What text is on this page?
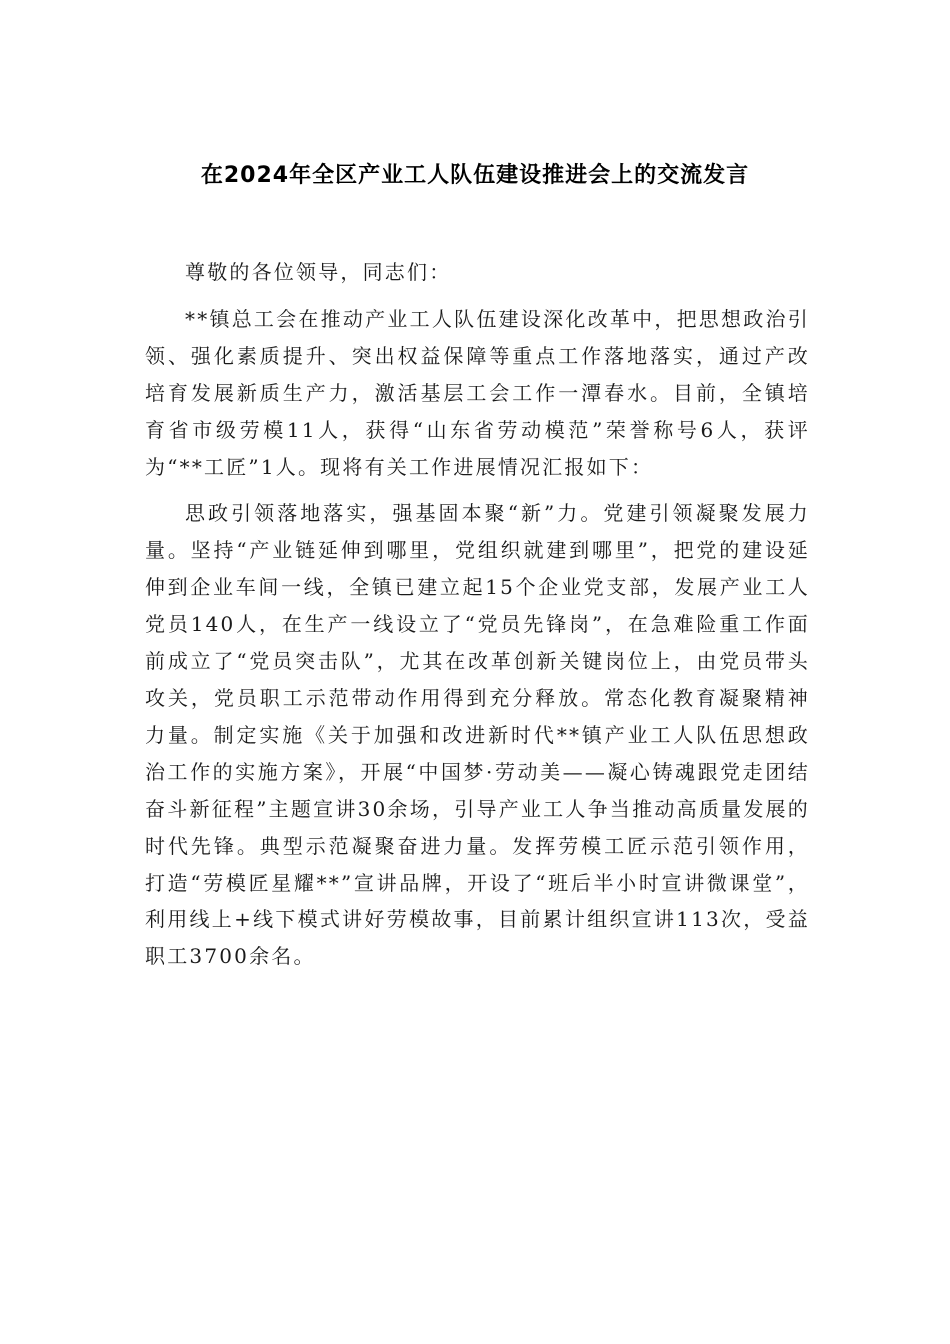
在2024年全区产业工人队伍建设推进会上的交流发言

尊敬的各位领导，同志们：

**镇总工会在推动产业工人队伍建设深化改革中，把思想政治引领、强化素质提升、突出权益保障等重点工作落地落实，通过产改培育发展新质生产力，激活基层工会工作一潭春水。目前，全镇培育省市级劳模11人，获得“山东省劳动模范”荣誉称号6人，获评为“**工匠”1人。现将有关工作进展情况汇报如下：

思政引领落地落实，强基固本聚“新”力。党建引领凝聚发展力量。坚持“产业链延伸到哪里，党组织就建到哪里”，把党的建设延伸到企业车间一线，全镇已建立起15个企业党支部，发展产业工人党员140人，在生产一线设立了“党员先锋岗”，在急难险重工作面前成立了“党员突击队”，尤其在改革创新关键岗位上，由党员带头攻关，党员职工示范带动作用得到充分释放。常态化教育凝聚精神力量。制定实施《关于加强和改进新时代**镇产业工人队伍思想政治工作的实施方案》，开展“中国梦·劳动美——凝心铸魂跟党走团结奋斗新征程”主题宣讲30余场，引导产业工人争当推动高质量发展的时代先锋。典型示范凝聚奋进力量。发挥劳模工匠示范引领作用，打造“劳模匠星耀**”宣讲品牌，开设了“班后半小时宣讲微课堂”，利用线上+线下模式讲好劳模故事，目前累计组织宣讲113次，受益职工3700余名。
